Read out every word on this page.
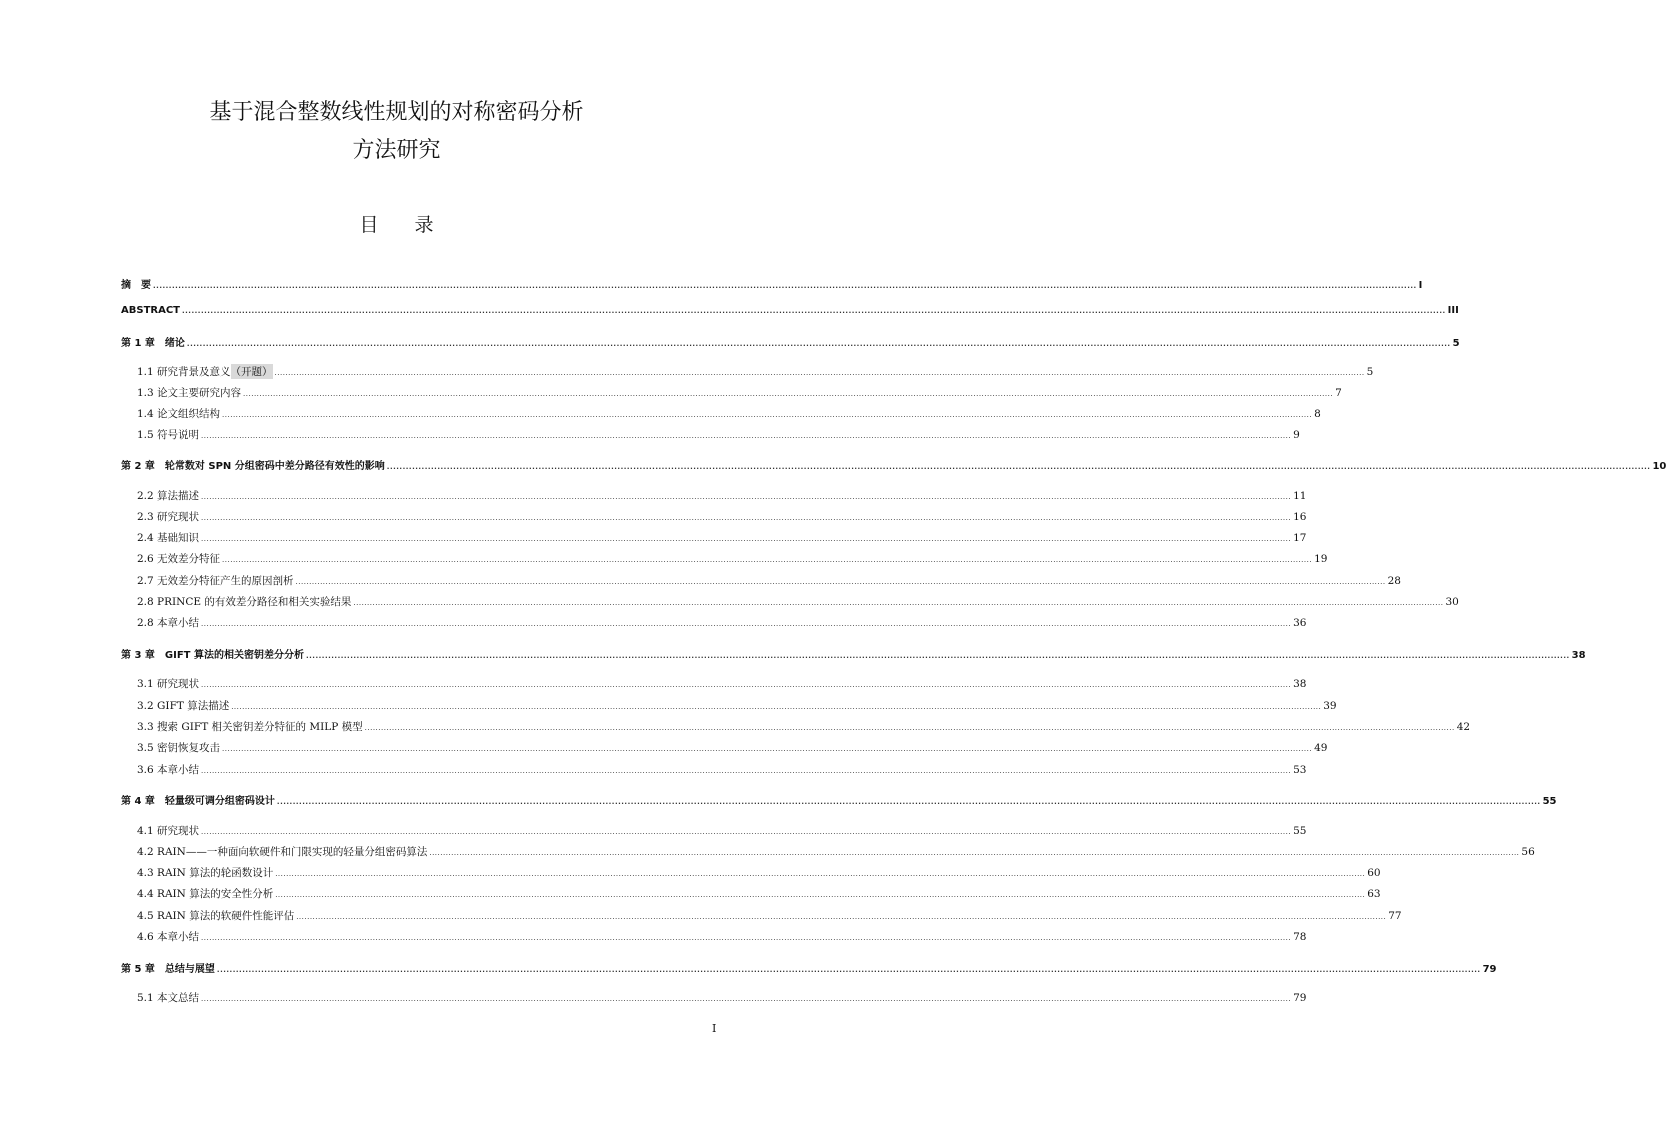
基于混合整数线性规划的对称密码分析
方法研究
目 录
摘　要 ................................................................................................................................................................................................................................................................................................................................................................................................................ I
ABSTRACT ................................................................................................................................................................................................................................................................................................................................................................................................................ III
第 1 章　绪论 ................................................................................................................................................................................................................................................................................................................................................................................................................ 5
1.1 研究背景及意义 （开题） ................................................................................................................................................................................................................................................................................................................................................................................................................ 5
1.3 论文主要研究内容 ................................................................................................................................................................................................................................................................................................................................................................................................................ 7
1.4 论文组织结构 ................................................................................................................................................................................................................................................................................................................................................................................................................ 8
1.5 符号说明 ................................................................................................................................................................................................................................................................................................................................................................................................................ 9
第 2 章　轮常数对 SPN 分组密码中差分路径有效性的影响 ................................................................................................................................................................................................................................................................................................................................................................................................................ 10
2.2 算法描述 ................................................................................................................................................................................................................................................................................................................................................................................................................ 11
2.3 研究现状 ................................................................................................................................................................................................................................................................................................................................................................................................................ 16
2.4 基础知识 ................................................................................................................................................................................................................................................................................................................................................................................................................ 17
2.6 无效差分特征 ................................................................................................................................................................................................................................................................................................................................................................................................................ 19
2.7 无效差分特征产生的原因剖析 ................................................................................................................................................................................................................................................................................................................................................................................................................ 28
2.8 PRINCE 的有效差分路径和相关实验结果 ................................................................................................................................................................................................................................................................................................................................................................................................................ 30
2.8 本章小结 ................................................................................................................................................................................................................................................................................................................................................................................................................ 36
第 3 章　GIFT 算法的相关密钥差分分析 ................................................................................................................................................................................................................................................................................................................................................................................................................ 38
3.1 研究现状 ................................................................................................................................................................................................................................................................................................................................................................................................................ 38
3.2 GIFT 算法描述 ................................................................................................................................................................................................................................................................................................................................................................................................................ 39
3.3 搜索 GIFT 相关密钥差分特征的 MILP 模型 ................................................................................................................................................................................................................................................................................................................................................................................................................ 42
3.5 密钥恢复攻击 ................................................................................................................................................................................................................................................................................................................................................................................................................ 49
3.6 本章小结 ................................................................................................................................................................................................................................................................................................................................................................................................................ 53
第 4 章　轻量级可调分组密码设计 ................................................................................................................................................................................................................................................................................................................................................................................................................ 55
4.1 研究现状 ................................................................................................................................................................................................................................................................................................................................................................................................................ 55
4.2 RAIN——一种面向软硬件和门限实现的轻量分组密码算法 ................................................................................................................................................................................................................................................................................................................................................................................................................ 56
4.3 RAIN 算法的轮函数设计 ................................................................................................................................................................................................................................................................................................................................................................................................................ 60
4.4 RAIN 算法的安全性分析 ................................................................................................................................................................................................................................................................................................................................................................................................................ 63
4.5 RAIN 算法的软硬件性能评估 ................................................................................................................................................................................................................................................................................................................................................................................................................ 77
4.6 本章小结 ................................................................................................................................................................................................................................................................................................................................................................................................................ 78
第 5 章　总结与展望 ................................................................................................................................................................................................................................................................................................................................................................................................................ 79
5.1 本文总结 ................................................................................................................................................................................................................................................................................................................................................................................................................ 79
I
